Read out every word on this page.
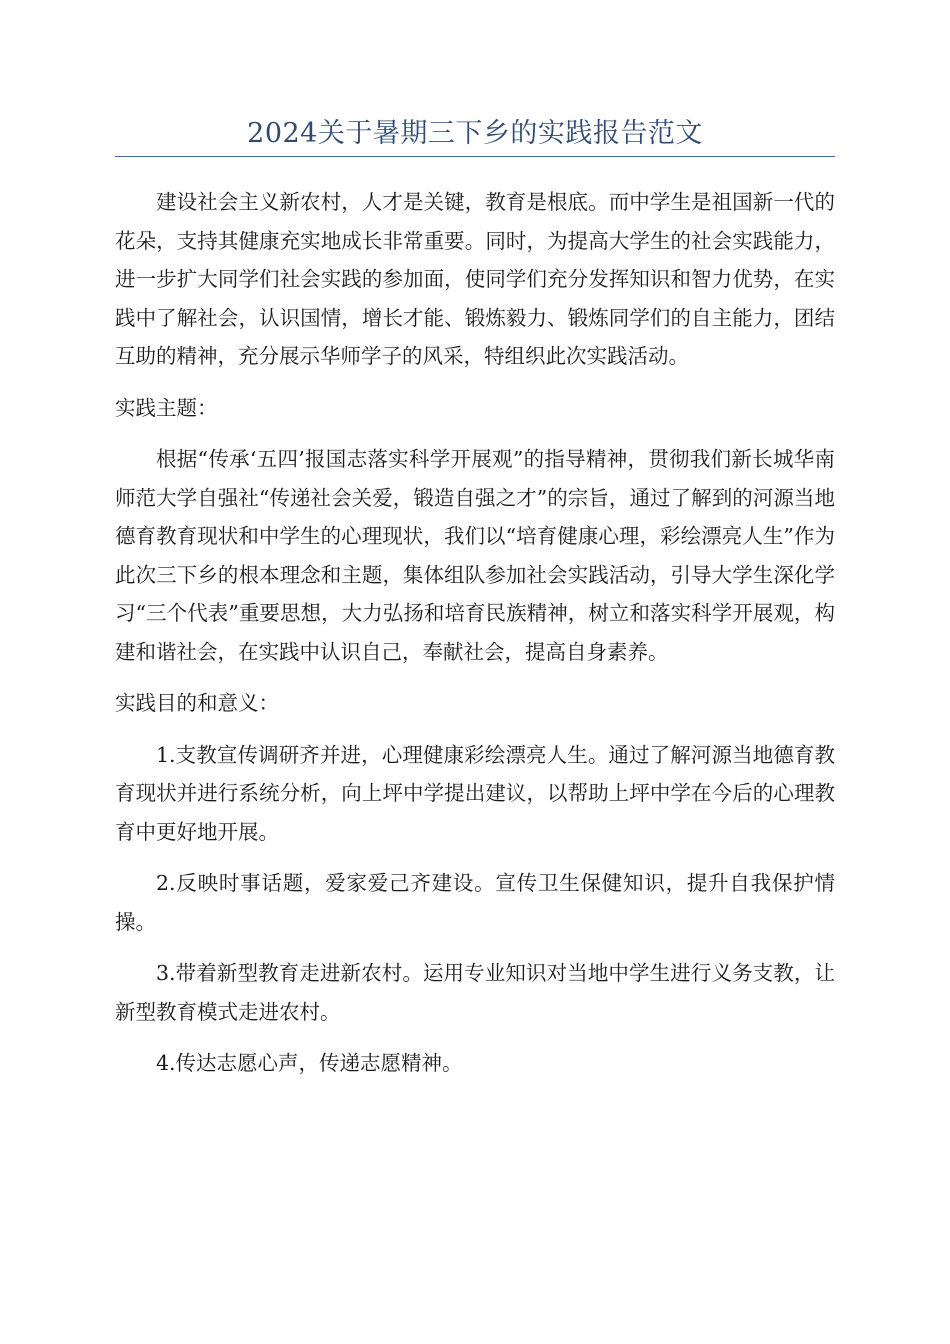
2024关于暑期三下乡的实践报告范文

建设社会主义新农村，人才是关键，教育是根底。而中学生是祖国新一代的花朵，支持其健康充实地成长非常重要。同时，为提高大学生的社会实践能力，进一步扩大同学们社会实践的参加面，使同学们充分发挥知识和智力优势，在实践中了解社会，认识国情，增长才能、锻炼毅力、锻炼同学们的自主能力，团结互助的精神，充分展示华师学子的风采，特组织此次实践活动。

实践主题：

根据“传承‘五四’报国志落实科学开展观”的指导精神，贯彻我们新长城华南师范大学自强社“传递社会关爱，锻造自强之才”的宗旨，通过了解到的河源当地德育教育现状和中学生的心理现状，我们以“培育健康心理，彩绘漂亮人生”作为此次三下乡的根本理念和主题，集体组队参加社会实践活动，引导大学生深化学习“三个代表”重要思想，大力弘扬和培育民族精神，树立和落实科学开展观，构建和谐社会，在实践中认识自己，奉献社会，提高自身素养。

实践目的和意义：

1.支教宣传调研齐并进，心理健康彩绘漂亮人生。通过了解河源当地德育教育现状并进行系统分析，向上坪中学提出建议，以帮助上坪中学在今后的心理教育中更好地开展。

2.反映时事话题，爱家爱己齐建设。宣传卫生保健知识，提升自我保护情操。

3.带着新型教育走进新农村。运用专业知识对当地中学生进行义务支教，让新型教育模式走进农村。

4.传达志愿心声，传递志愿精神。
